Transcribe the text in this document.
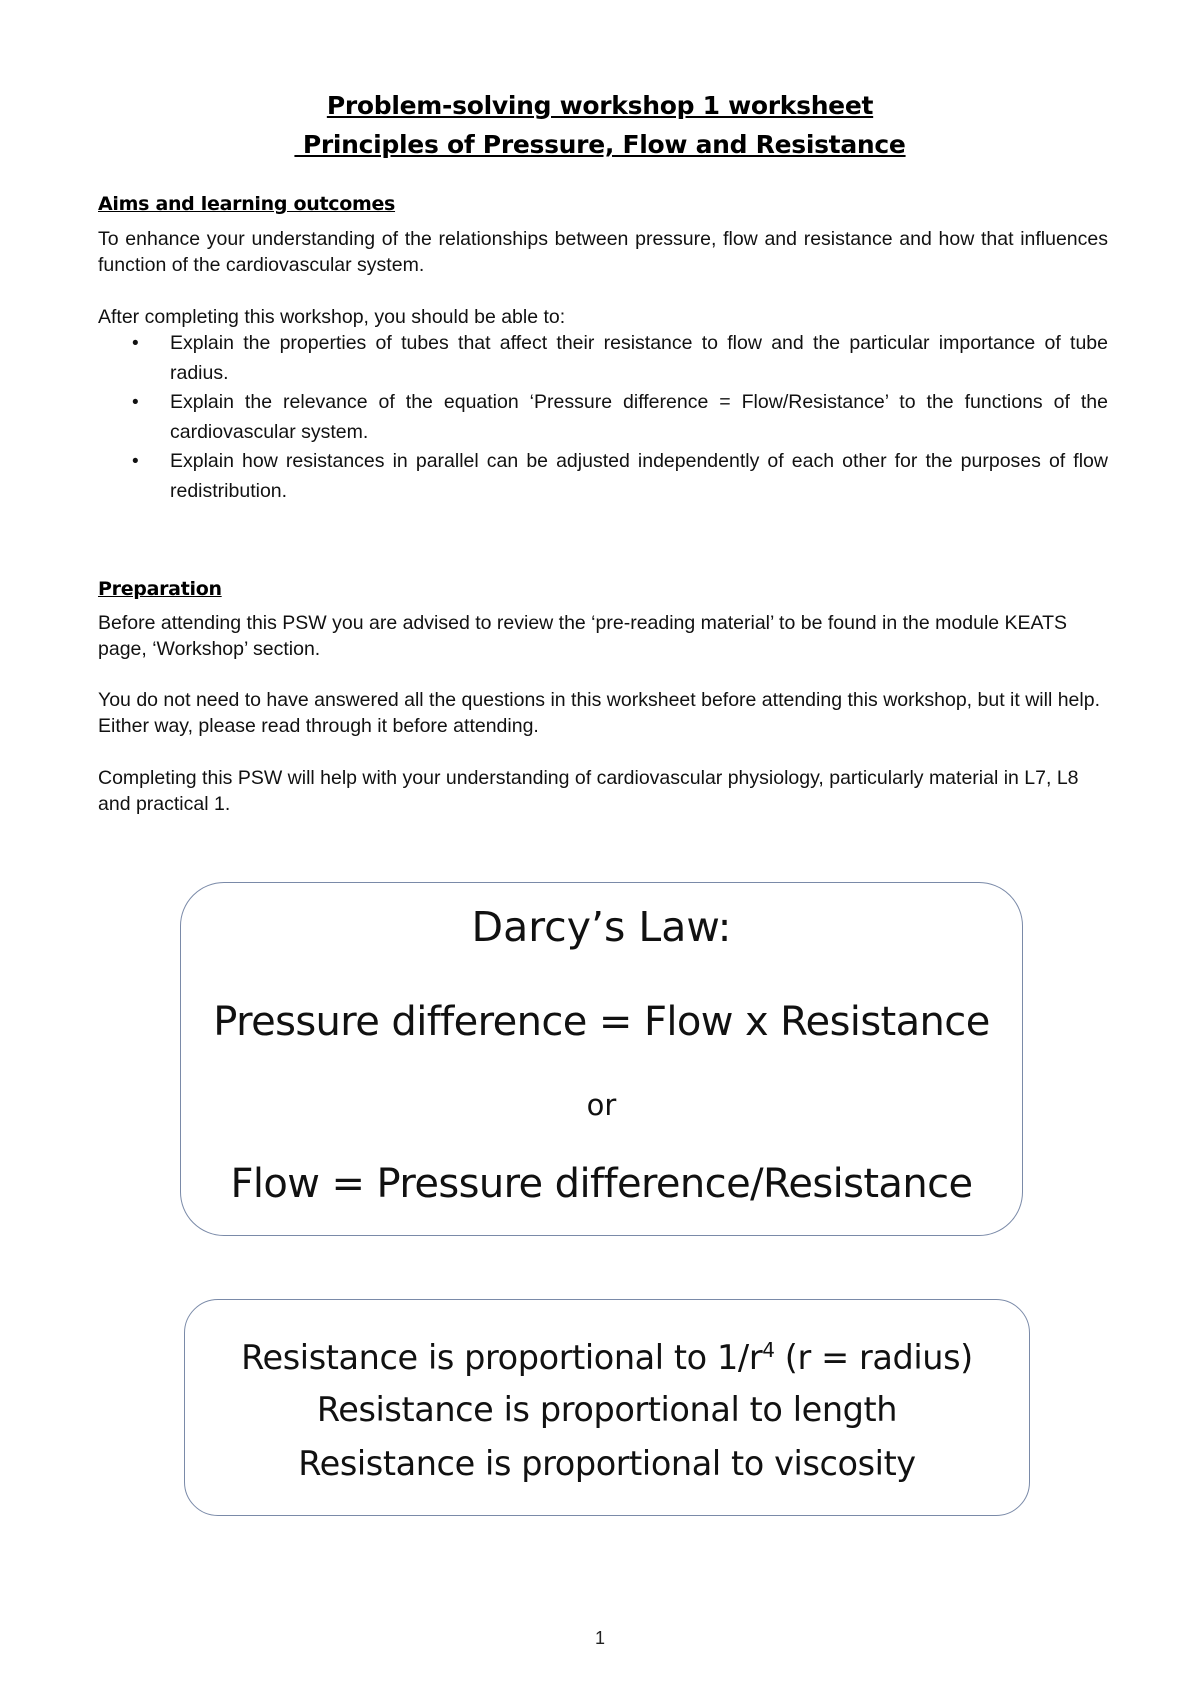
Problem-solving workshop 1 worksheet
Principles of Pressure, Flow and Resistance
Aims and learning outcomes
To enhance your understanding of the relationships between pressure, flow and resistance and how that influences function of the cardiovascular system.
After completing this workshop, you should be able to:
• Explain the properties of tubes that affect their resistance to flow and the particular importance of tube radius.
• Explain the relevance of the equation ‘Pressure difference = Flow/Resistance’ to the functions of the cardiovascular system.
• Explain how resistances in parallel can be adjusted independently of each other for the purposes of flow redistribution.
Preparation
Before attending this PSW you are advised to review the ‘pre-reading material’ to be found in the module KEATS page, ‘Workshop’ section.
You do not need to have answered all the questions in this worksheet before attending this workshop, but it will help. Either way, please read through it before attending.
Completing this PSW will help with your understanding of cardiovascular physiology, particularly material in L7, L8 and practical 1.
Darcy’s Law:
Pressure difference = Flow x Resistance
or
Flow = Pressure difference/Resistance
Resistance is proportional to $1/r^4$ (r = radius)
Resistance is proportional to length
Resistance is proportional to viscosity
1
